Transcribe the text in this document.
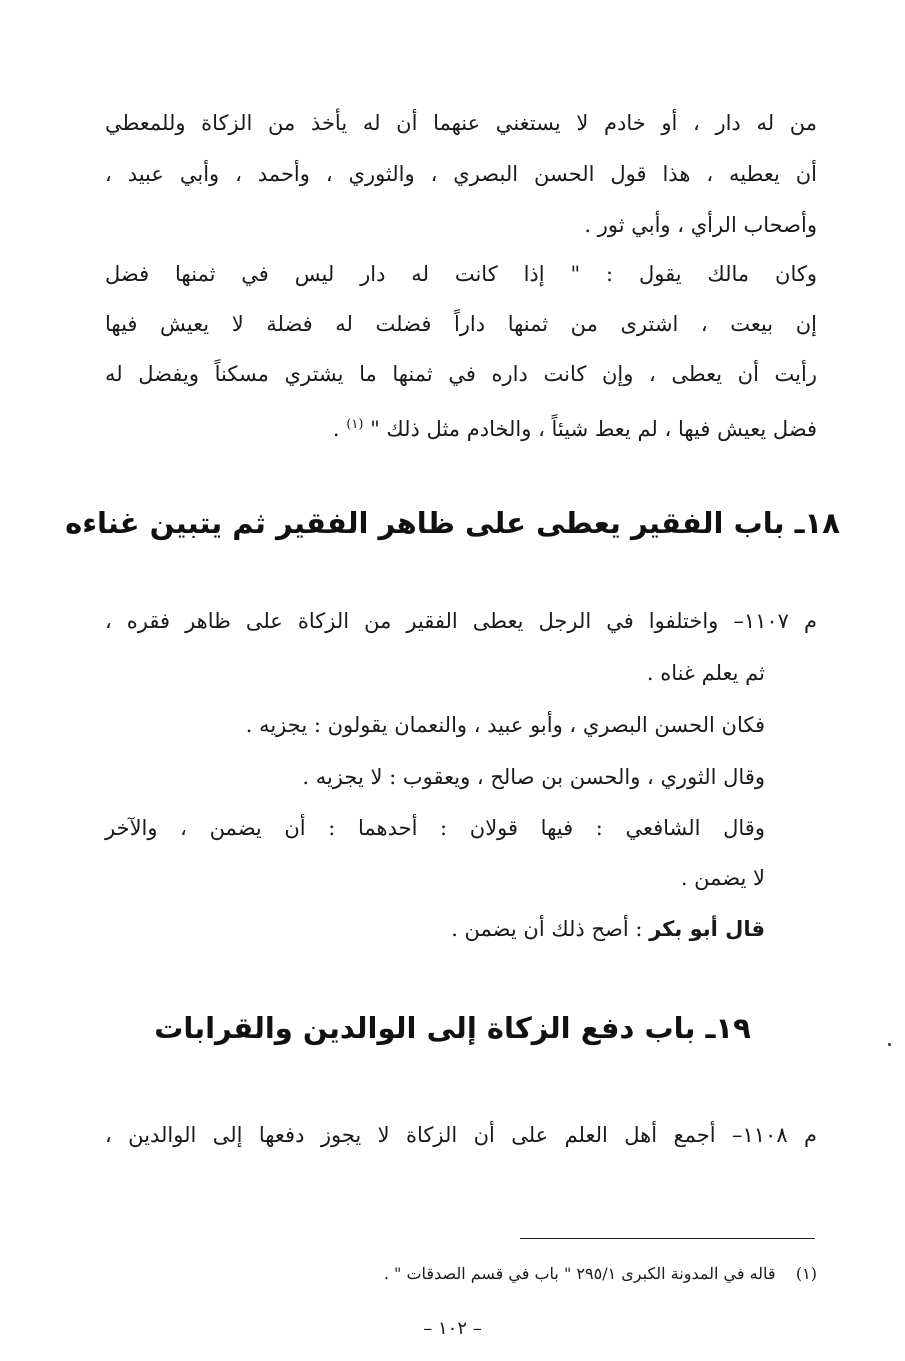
من له دار ، أو خادم لا يستغني عنهما أن له يأخذ من الزكاة وللمعطي
أن يعطيه ، هذا قول الحسن البصري ، والثوري ، وأحمد ، وأبي عبيد ،
وأصحاب الرأي ، وأبي ثور .
وكان مالك يقول : " إذا كانت له دار ليس في ثمنها فضل
إن بيعت ، اشترى من ثمنها داراً فضلت له فضلة لا يعيش فيها
رأيت أن يعطى ، وإن كانت داره في ثمنها ما يشتري مسكناً ويفضل له
فضل يعيش فيها ، لم يعط شيئاً ، والخادم مثل ذلك " $^{(١)}$ .
١٨ـ باب الفقير يعطى على ظاهر الفقير ثم يتبين غناءه
م ١١٠٧– واختلفوا في الرجل يعطى الفقير من الزكاة على ظاهر فقره ،
ثم يعلم غناه .
فكان الحسن البصري ، وأبو عبيد ، والنعمان يقولون : يجزيه .
وقال الثوري ، والحسن بن صالح ، ويعقوب : لا يجزيه .
وقال الشافعي : فيها قولان : أحدهما : أن يضمن ، والآخر
لا يضمن .
قال أبو بكر : أصح ذلك أن يضمن .
١٩ـ باب دفع الزكاة إلى الوالدين والقرابات
م ١١٠٨– أجمع أهل العلم على أن الزكاة لا يجوز دفعها إلى الوالدين ،
(١)    قاله في المدونة الكبرى ٢٩٥/١ " باب في قسم الصدقات " .
– ١٠٢ –
